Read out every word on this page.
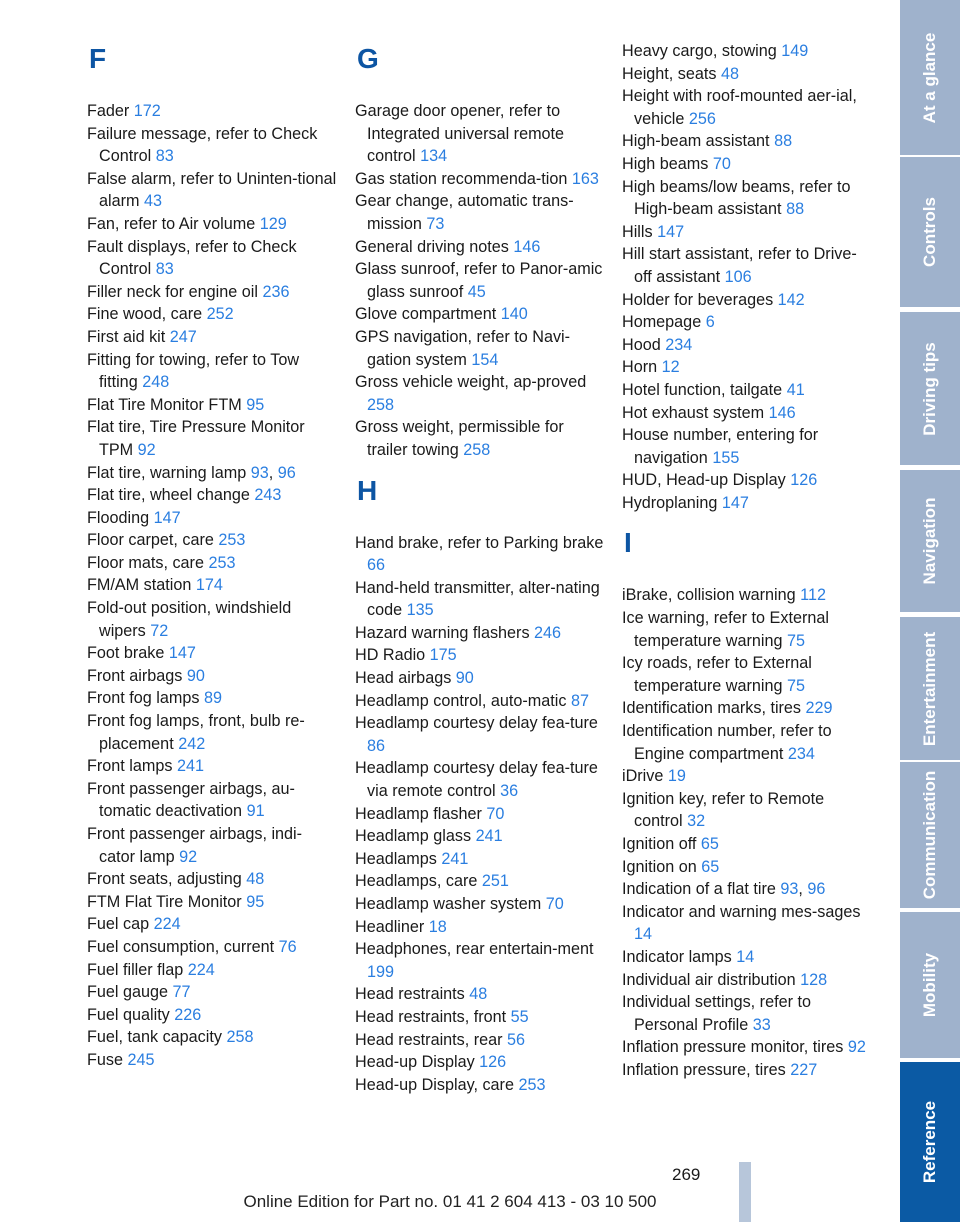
F
Fader 172
Failure message, refer to Check Control 83
False alarm, refer to Uninten‐tional alarm 43
Fan, refer to Air volume 129
Fault displays, refer to Check Control 83
Filler neck for engine oil 236
Fine wood, care 252
First aid kit 247
Fitting for towing, refer to Tow fitting 248
Flat Tire Monitor FTM 95
Flat tire, Tire Pressure Monitor TPM 92
Flat tire, warning lamp 93, 96
Flat tire, wheel change 243
Flooding 147
Floor carpet, care 253
Floor mats, care 253
FM/AM station 174
Fold-out position, windshield wipers 72
Foot brake 147
Front airbags 90
Front fog lamps 89
Front fog lamps, front, bulb re‐placement 242
Front lamps 241
Front passenger airbags, au‐tomatic deactivation 91
Front passenger airbags, indi‐cator lamp 92
Front seats, adjusting 48
FTM Flat Tire Monitor 95
Fuel cap 224
Fuel consumption, current 76
Fuel filler flap 224
Fuel gauge 77
Fuel quality 226
Fuel, tank capacity 258
Fuse 245
G
Garage door opener, refer to Integrated universal remote control 134
Gas station recommenda‐tion 163
Gear change, automatic trans‐mission 73
General driving notes 146
Glass sunroof, refer to Panor‐amic glass sunroof 45
Glove compartment 140
GPS navigation, refer to Navi‐gation system 154
Gross vehicle weight, ap‐proved 258
Gross weight, permissible for trailer towing 258
H
Hand brake, refer to Parking brake 66
Hand-held transmitter, alter‐nating code 135
Hazard warning flashers 246
HD Radio 175
Head airbags 90
Headlamp control, auto‐matic 87
Headlamp courtesy delay fea‐ture 86
Headlamp courtesy delay fea‐ture via remote control 36
Headlamp flasher 70
Headlamp glass 241
Headlamps 241
Headlamps, care 251
Headlamp washer system 70
Headliner 18
Headphones, rear entertain‐ment 199
Head restraints 48
Head restraints, front 55
Head restraints, rear 56
Head-up Display 126
Head-up Display, care 253
Heavy cargo, stowing 149
Height, seats 48
Height with roof-mounted aer‐ial, vehicle 256
High-beam assistant 88
High beams 70
High beams/low beams, refer to High-beam assistant 88
Hills 147
Hill start assistant, refer to Drive-off assistant 106
Holder for beverages 142
Homepage 6
Hood 234
Horn 12
Hotel function, tailgate 41
Hot exhaust system 146
House number, entering for navigation 155
HUD, Head-up Display 126
Hydroplaning 147
I
iBrake, collision warning 112
Ice warning, refer to External temperature warning 75
Icy roads, refer to External temperature warning 75
Identification marks, tires 229
Identification number, refer to Engine compartment 234
iDrive 19
Ignition key, refer to Remote control 32
Ignition off 65
Ignition on 65
Indication of a flat tire 93, 96
Indicator and warning mes‐sages 14
Indicator lamps 14
Individual air distribution 128
Individual settings, refer to Personal Profile 33
Inflation pressure monitor, tires 92
Inflation pressure, tires 227
At a glance
Controls
Driving tips
Navigation
Entertainment
Communication
Mobility
Reference
269
Online Edition for Part no. 01 41 2 604 413 - 03 10 500
